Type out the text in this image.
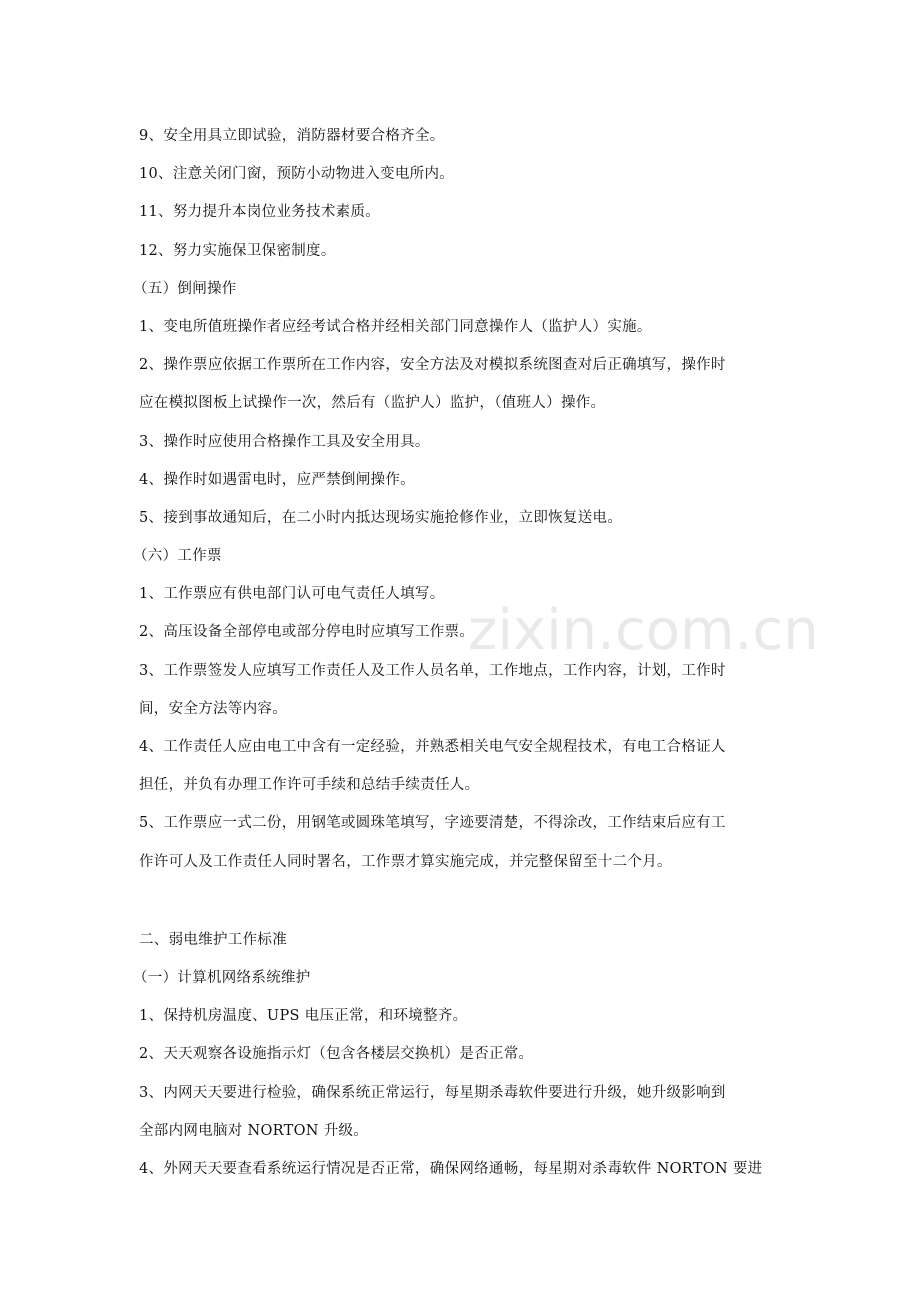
zixin.com.cn
9、安全用具立即试验，消防器材要合格齐全。
10、注意关闭门窗，预防小动物进入变电所内。
11、努力提升本岗位业务技术素质。
12、努力实施保卫保密制度。
（五）倒闸操作
1、变电所值班操作者应经考试合格并经相关部门同意操作人（监护人）实施。
2、操作票应依据工作票所在工作内容，安全方法及对模拟系统图查对后正确填写，操作时
应在模拟图板上试操作一次，然后有（监护人）监护，（值班人）操作。
3、操作时应使用合格操作工具及安全用具。
4、操作时如遇雷电时，应严禁倒闸操作。
5、接到事故通知后，在二小时内抵达现场实施抢修作业，立即恢复送电。
（六）工作票
1、工作票应有供电部门认可电气责任人填写。
2、高压设备全部停电或部分停电时应填写工作票。
3、工作票签发人应填写工作责任人及工作人员名单，工作地点，工作内容，计划，工作时
间，安全方法等内容。
4、工作责任人应由电工中含有一定经验，并熟悉相关电气安全规程技术，有电工合格证人
担任，并负有办理工作许可手续和总结手续责任人。
5、工作票应一式二份，用钢笔或圆珠笔填写，字迹要清楚，不得涂改，工作结束后应有工
作许可人及工作责任人同时署名，工作票才算实施完成，并完整保留至十二个月。
二、弱电维护工作标准
（一）计算机网络系统维护
1、保持机房温度、UPS 电压正常，和环境整齐。
2、天天观察各设施指示灯（包含各楼层交换机）是否正常。
3、内网天天要进行检验，确保系统正常运行，每星期杀毒软件要进行升级，她升级影响到
全部内网电脑对 NORTON 升级。
4、外网天天要查看系统运行情况是否正常，确保网络通畅，每星期对杀毒软件 NORTON 要进
